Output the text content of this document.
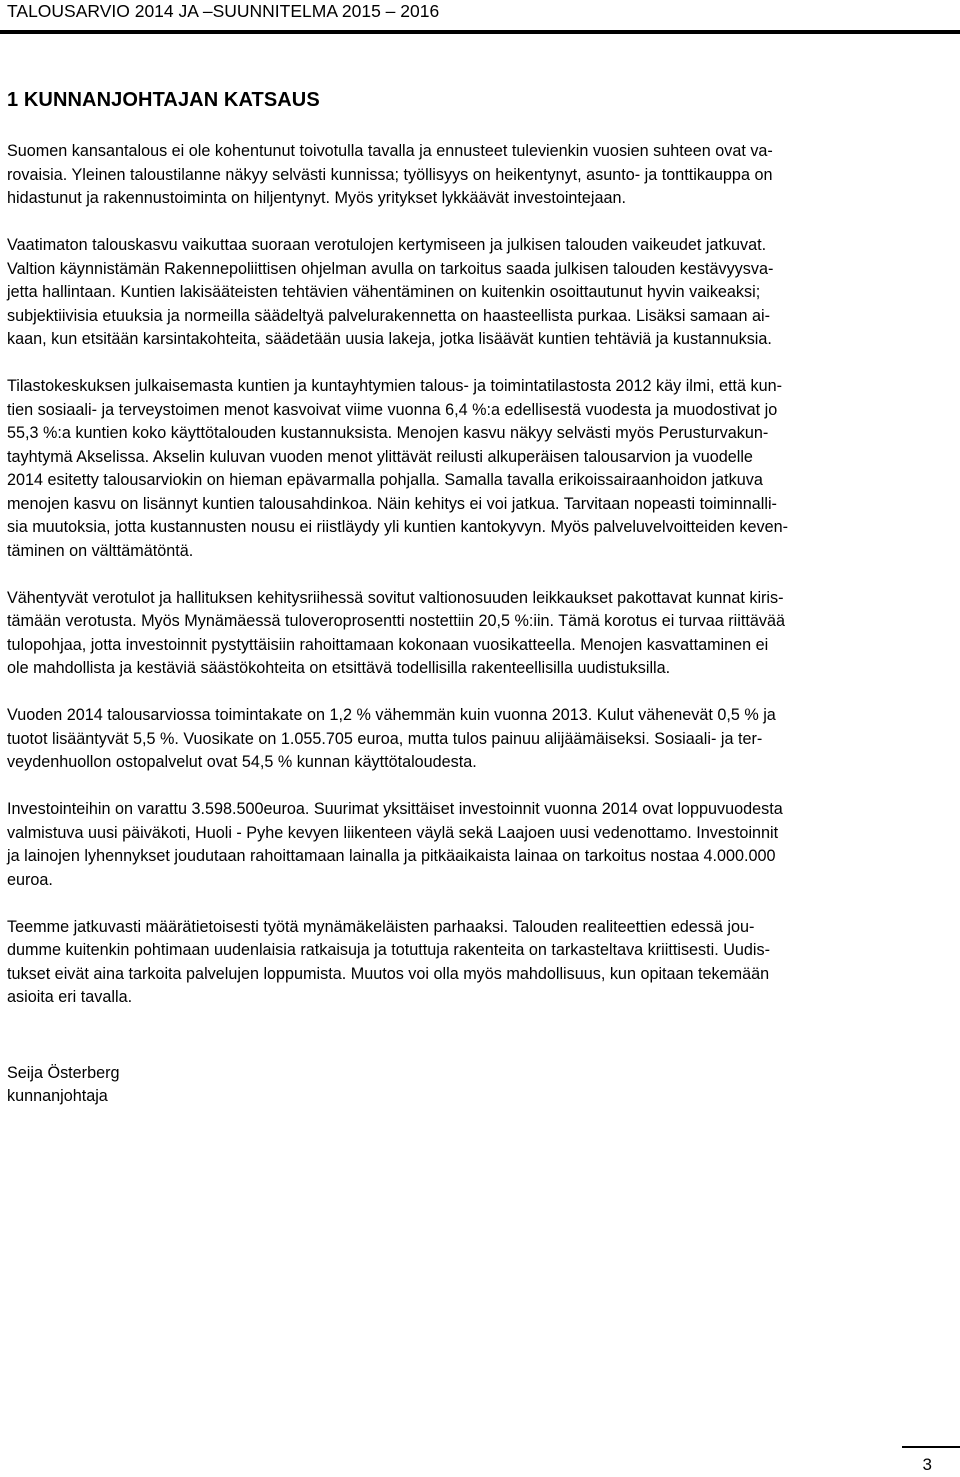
TALOUSARVIO 2014 JA –SUUNNITELMA 2015 – 2016
1 KUNNANJOHTAJAN KATSAUS

Suomen kansantalous ei ole kohentunut toivotulla tavalla ja ennusteet tulevienkin vuosien suhteen ovat va-
rovaisia. Yleinen taloustilanne näkyy selvästi kunnissa; työllisyys on heikentynyt, asunto- ja tonttikauppa on
hidastunut ja rakennustoiminta on hiljentynyt. Myös yritykset lykkäävät investointejaan.

Vaatimaton talouskasvu vaikuttaa suoraan verotulojen kertymiseen ja julkisen talouden vaikeudet jatkuvat.
Valtion käynnistämän Rakennepoliittisen ohjelman avulla on tarkoitus saada julkisen talouden kestävyysva-
jetta hallintaan. Kuntien lakisääteisten tehtävien vähentäminen on kuitenkin osoittautunut hyvin vaikeaksi;
subjektiivisia etuuksia ja normeilla säädeltyä palvelurakennetta on haasteellista purkaa. Lisäksi samaan ai-
kaan, kun etsitään karsintakohteita, säädetään uusia lakeja, jotka lisäävät kuntien tehtäviä ja kustannuksia.

Tilastokeskuksen julkaisemasta kuntien ja kuntayhtymien talous- ja toimintatilastosta 2012 käy ilmi, että kun-
tien sosiaali- ja terveystoimen menot kasvoivat viime vuonna 6,4 %:a edellisestä vuodesta ja muodostivat jo
55,3 %:a kuntien koko käyttötalouden kustannuksista. Menojen kasvu näkyy selvästi myös Perusturvakun-
tayhtymä Akselissa. Akselin kuluvan vuoden menot ylittävät reilusti alkuperäisen talousarvion ja vuodelle
2014 esitetty talousarviokin on hieman epävarmalla pohjalla. Samalla tavalla erikoissairaanhoidon jatkuva
menojen kasvu on lisännyt kuntien talousahdinkoa. Näin kehitys ei voi jatkua. Tarvitaan nopeasti toiminnalli-
sia muutoksia, jotta kustannusten nousu ei riistläydy yli kuntien kantokyvyn. Myös palveluvelvoitteiden keven-
täminen on välttämätöntä.

Vähentyvät verotulot ja hallituksen kehitysriihessä sovitut valtionosuuden leikkaukset pakottavat kunnat kiris-
tämään verotusta. Myös Mynämäessä tuloveroprosentti nostettiin 20,5 %:iin. Tämä korotus ei turvaa riittävää
tulopohjaa, jotta investoinnit pystyttäisiin rahoittamaan kokonaan vuosikatteella. Menojen kasvattaminen ei
ole mahdollista ja kestäviä säästökohteita on etsittävä todellisilla rakenteellisilla uudistuksilla.

Vuoden 2014 talousarviossa toimintakate on 1,2 % vähemmän kuin vuonna 2013. Kulut vähenevät 0,5 % ja
tuotot lisääntyvät 5,5 %. Vuosikate on 1.055.705 euroa, mutta tulos painuu alijäämäiseksi. Sosiaali- ja ter-
veydenhuollon ostopalvelut ovat 54,5 % kunnan käyttötaloudesta.

Investointeihin on varattu 3.598.500euroa. Suurimat yksittäiset investoinnit vuonna 2014 ovat loppuvuodesta
valmistuva uusi päiväkoti, Huoli - Pyhe kevyen liikenteen väylä sekä Laajoen uusi vedenottamo. Investoinnit
ja lainojen lyhennykset joudutaan rahoittamaan lainalla ja pitkäaikaista lainaa on tarkoitus nostaa 4.000.000
euroa.

Teemme jatkuvasti määrätietoisesti työtä mynämäkeläisten parhaaksi. Talouden realiteettien edessä jou-
dumme kuitenkin pohtimaan uudenlaisia ratkaisuja ja totuttuja rakenteita on tarkasteltava kriittisesti. Uudis-
tukset eivät aina tarkoita palvelujen loppumista. Muutos voi olla myös mahdollisuus, kun opitaan tekemään
asioita eri tavalla.

Seija Österberg
kunnanjohtaja
3
